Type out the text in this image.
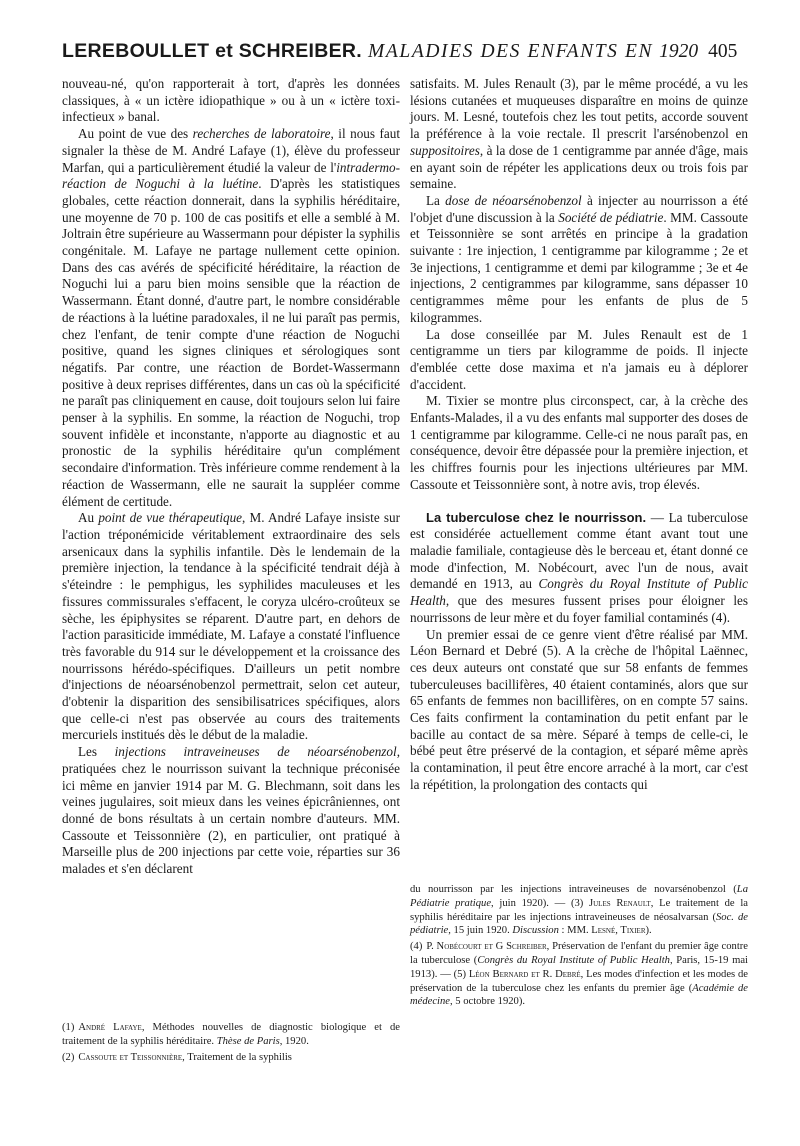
LEREBOULLET et SCHREIBER. MALADIES DES ENFANTS EN 1920 405

nouveau-né, qu'on rapporterait à tort, d'après les données classiques, à « un ictère idiopathique » ou à un « ictère toxi-infectieux » banal.

Au point de vue des recherches de laboratoire, il nous faut signaler la thèse de M. André Lafaye (1), élève du professeur Marfan, qui a particulièrement étudié la valeur de l'intradermo-réaction de Noguchi à la luétine. D'après les statistiques globales, cette réaction donnerait, dans la syphilis héréditaire, une moyenne de 70 p. 100 de cas positifs et elle a semblé à M. Joltrain être supérieure au Wassermann pour dépister la syphilis congénitale. M. Lafaye ne partage nullement cette opinion. Dans des cas avérés de spécificité héréditaire, la réaction de Noguchi lui a paru bien moins sensible que la réaction de Wassermann. Étant donné, d'autre part, le nombre considérable de réactions à la luétine paradoxales, il ne lui paraît pas permis, chez l'enfant, de tenir compte d'une réaction de Noguchi positive, quand les signes cliniques et sérologiques sont négatifs. Par contre, une réaction de Bordet-Wassermann positive à deux reprises différentes, dans un cas où la spécificité ne paraît pas cliniquement en cause, doit toujours selon lui faire penser à la syphilis. En somme, la réaction de Noguchi, trop souvent infidèle et inconstante, n'apporte au diagnostic et au pronostic de la syphilis héréditaire qu'un complément secondaire d'information. Très inférieure comme rendement à la réaction de Wassermann, elle ne saurait la suppléer comme élément de certitude.

Au point de vue thérapeutique, M. André Lafaye insiste sur l'action tréponémicide véritablement extraordinaire des sels arsenicaux dans la syphilis infantile. Dès le lendemain de la première injection, la tendance à la spécificité tendrait déjà à s'éteindre : le pemphigus, les syphilides maculeuses et les fissures commissurales s'effacent, le coryza ulcéro-croûteux se sèche, les épiphysites se réparent. D'autre part, en dehors de l'action parasiticide immédiate, M. Lafaye a constaté l'influence très favorable du 914 sur le développement et la croissance des nourrissons hérédo-spécifiques. D'ailleurs un petit nombre d'injections de néoarsénobenzol permettrait, selon cet auteur, d'obtenir la disparition des sensibilisatrices spécifiques, alors que celle-ci n'est pas observée au cours des traitements mercuriels institués dès le début de la maladie.

Les injections intraveineuses de néoarsénobenzol, pratiquées chez le nourrisson suivant la technique préconisée ici même en janvier 1914 par M. G. Blechmann, soit dans les veines jugulaires, soit mieux dans les veines épicrâniennes, ont donné de bons résultats à un certain nombre d'auteurs. MM. Cassoute et Teissonnière (2), en particulier, ont pratiqué à Marseille plus de 200 injections par cette voie, réparties sur 36 malades et s'en déclarent

satisfaits. M. Jules Renault (3), par le même procédé, a vu les lésions cutanées et muqueuses disparaître en moins de quinze jours. M. Lesné, toutefois chez les tout petits, accorde souvent la préférence à la voie rectale. Il prescrit l'arsénobenzol en suppositoires, à la dose de 1 centigramme par année d'âge, mais en ayant soin de répéter les applications deux ou trois fois par semaine.

La dose de néoarsénobenzol à injecter au nourrisson a été l'objet d'une discussion à la Société de pédiatrie. MM. Cassoute et Teissonnière se sont arrêtés en principe à la gradation suivante : 1re injection, 1 centigramme par kilogramme ; 2e et 3e injections, 1 centigramme et demi par kilogramme ; 3e et 4e injections, 2 centigrammes par kilogramme, sans dépasser 10 centigrammes même pour les enfants de plus de 5 kilogrammes.

La dose conseillée par M. Jules Renault est de 1 centigramme un tiers par kilogramme de poids. Il injecte d'emblée cette dose maxima et n'a jamais eu à déplorer d'accident.

M. Tixier se montre plus circonspect, car, à la crèche des Enfants-Malades, il a vu des enfants mal supporter des doses de 1 centigramme par kilogramme. Celle-ci ne nous paraît pas, en conséquence, devoir être dépassée pour la première injection, et les chiffres fournis pour les injections ultérieures par MM. Cassoute et Teissonnière sont, à notre avis, trop élevés.

La tuberculose chez le nourrisson. — La tuberculose est considérée actuellement comme étant avant tout une maladie familiale, contagieuse dès le berceau et, étant donné ce mode d'infection, M. Nobécourt, avec l'un de nous, avait demandé en 1913, au Congrès du Royal Institute of Public Health, que des mesures fussent prises pour éloigner les nourrissons de leur mère et du foyer familial contaminés (4).

Un premier essai de ce genre vient d'être réalisé par MM. Léon Bernard et Debré (5). A la crèche de l'hôpital Laënnec, ces deux auteurs ont constaté que sur 58 enfants de femmes tuberculeuses bacillifères, 40 étaient contaminés, alors que sur 65 enfants de femmes non bacillifères, on en compte 57 sains. Ces faits confirment la contamination du petit enfant par le bacille au contact de sa mère. Séparé à temps de celle-ci, le bébé peut être préservé de la contagion, et séparé même après la contamination, il peut être encore arraché à la mort, car c'est la répétition, la prolongation des contacts qui

(1) André Lafaye, Méthodes nouvelles de diagnostic biologique et de traitement de la syphilis héréditaire. Thèse de Paris, 1920.

(2) Cassoute et Teissonnière, Traitement de la syphilis

du nourrisson par les injections intraveineuses de novarsénobenzol (La Pédiatrie pratique, juin 1920). — (3) Jules Renault, Le traitement de la syphilis héréditaire par les injections intraveineuses de néosalvarsan (Soc. de pédiatrie, 15 juin 1920. Discussion : MM. Lesné, Tixier).

(4) P. Nobécourt et G Schreiber, Préservation de l'enfant du premier âge contre la tuberculose (Congrès du Royal Institute of Public Health, Paris, 15-19 mai 1913). — (5) Léon Bernard et R. Debré, Les modes d'infection et les modes de préservation de la tuberculose chez les enfants du premier âge (Académie de médecine, 5 octobre 1920).
